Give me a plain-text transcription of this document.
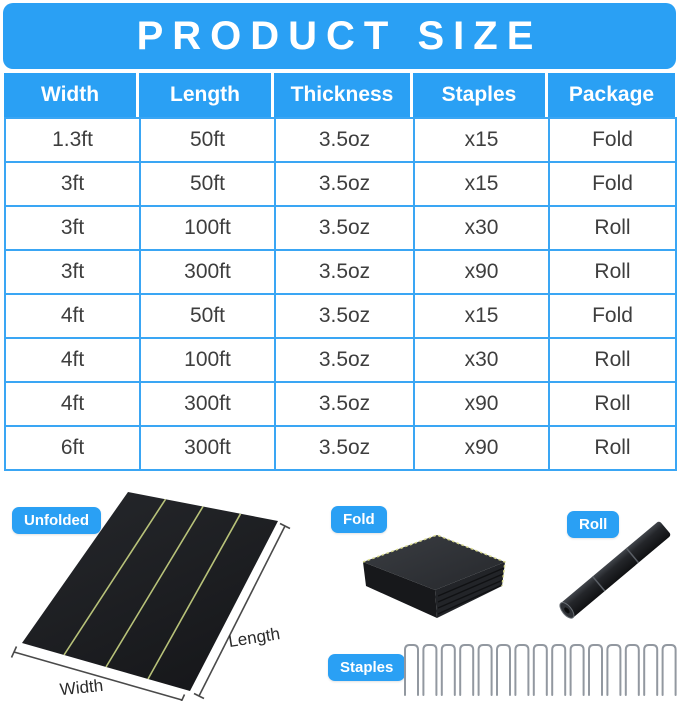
PRODUCT SIZE
Width	Length	Thickness	Staples	Package
1.3ft	50ft	3.5oz	x15	Fold
3ft	50ft	3.5oz	x15	Fold
3ft	100ft	3.5oz	x30	Roll
3ft	300ft	3.5oz	x90	Roll
4ft	50ft	3.5oz	x15	Fold
4ft	100ft	3.5oz	x30	Roll
4ft	300ft	3.5oz	x90	Roll
6ft	300ft	3.5oz	x90	Roll
Unfolded	Fold	Roll
Staples
Width
Length
